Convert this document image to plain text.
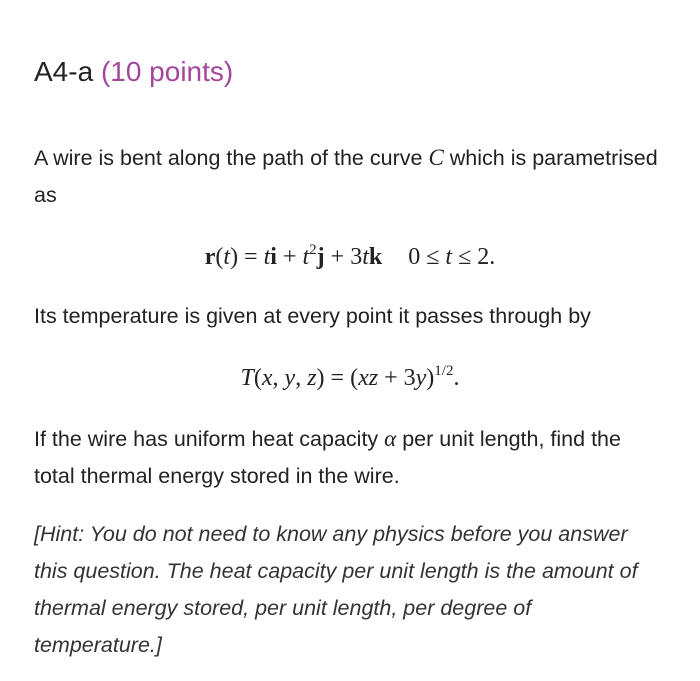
A4-a (10 points)
A wire is bent along the path of the curve C which is parametrised as
r(t) = ti + $t^2j + 3tk$ 0 ≤ t ≤ 2.
Its temperature is given at every point it passes through by
T(x, y, z) = (xz + 3y)$^{1/2}$.
If the wire has uniform heat capacity α per unit length, find the total thermal energy stored in the wire.
[Hint: You do not need to know any physics before you answer this question. The heat capacity per unit length is the amount of thermal energy stored, per unit length, per degree of temperature.]
